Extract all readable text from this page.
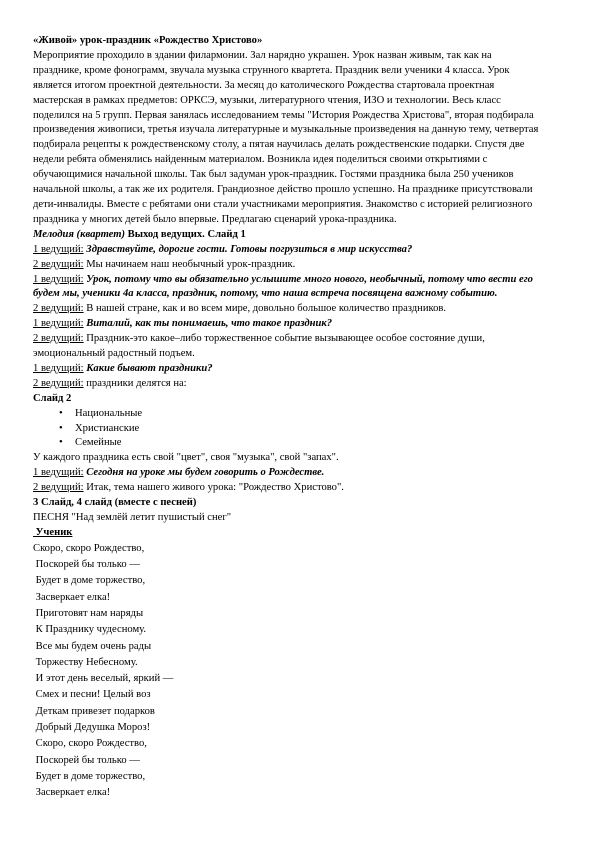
«Живой» урок-праздник «Рождество Христово»

Мероприятие проходило в здании филармонии. Зал нарядно украшен. Урок назван живым, так как на празднике, кроме фонограмм, звучала музыка струнного квартета. Праздник вели ученики 4 класса. Урок является итогом проектной деятельности. За месяц до католического Рождества стартовала проектная мастерская в рамках предметов: ОРКСЭ, музыки, литературного чтения, ИЗО и технологии. Весь класс поделился на 5 групп. Первая занялась исследованием темы "История Рождества Христова", вторая подбирала произведения живописи, третья изучала литературные и музыкальные произведения на данную тему, четвертая подбирала рецепты к рождественскому столу, а пятая научилась делать рождественские подарки. Спустя две недели ребята обменялись найденным материалом. Возникла идея поделиться своими открытиями с обучающимися начальной школы. Так был задуман урок-праздник. Гостями праздника была 250 учеников начальной школы, а так же их родителя. Грандиозное действо прошло успешно. На празднике присутствовали дети-инвалиды. Вместе с ребятами они стали участниками мероприятия. Знакомство с историей религиозного праздника у многих детей было впервые. Предлагаю сценарий урока-праздника.

Мелодия (квартет) Выход ведущих. Слайд 1

1 ведущий: Здравствуйте, дорогие гости. Готовы погрузиться в мир искусства?

2 ведущий: Мы начинаем наш необычный урок-праздник.

1 ведущий: Урок, потому что вы обязательно услышите много нового, необычный, потому что вести его будем мы, ученики 4а класса, праздник, потому, что наша встреча посвящена важному событию.

2 ведущий: В нашей стране, как и во всем мире, довольно большое количество праздников.

1 ведущий: Виталий, как ты понимаешь, что такое праздник?

2 ведущий: Праздник-это какое–либо торжественное событие вызывающее особое состояние души, эмоциональный радостный подъем.

1 ведущий: Какие бывают праздники?

2 ведущий: праздники делятся на:

Слайд 2

• Национальные
• Христианские
• Семейные

У каждого праздника есть свой "цвет", своя "музыка", свой "запах".

1 ведущий: Сегодня на уроке мы будем говорить о Рождестве.

2 ведущий: Итак, тема нашего живого урока: "Рождество Христово".

3 Слайд, 4 слайд (вместе с песней)

ПЕСНЯ "Над землёй летит пушистый снег"

Ученик

Скоро, скоро Рождество,
Поскорей бы только —
Будет в доме торжество,
Засверкает елка!
Приготовят нам наряды
К Празднику чудесному.
Все мы будем очень рады
Торжеству Небесному.
И этот день веселый, яркий —
Смех и песни! Целый воз
Деткам привезет подарков
Добрый Дедушка Мороз!
Скоро, скоро Рождество,
Поскорей бы только —
Будет в доме торжество,
Засверкает елка!
